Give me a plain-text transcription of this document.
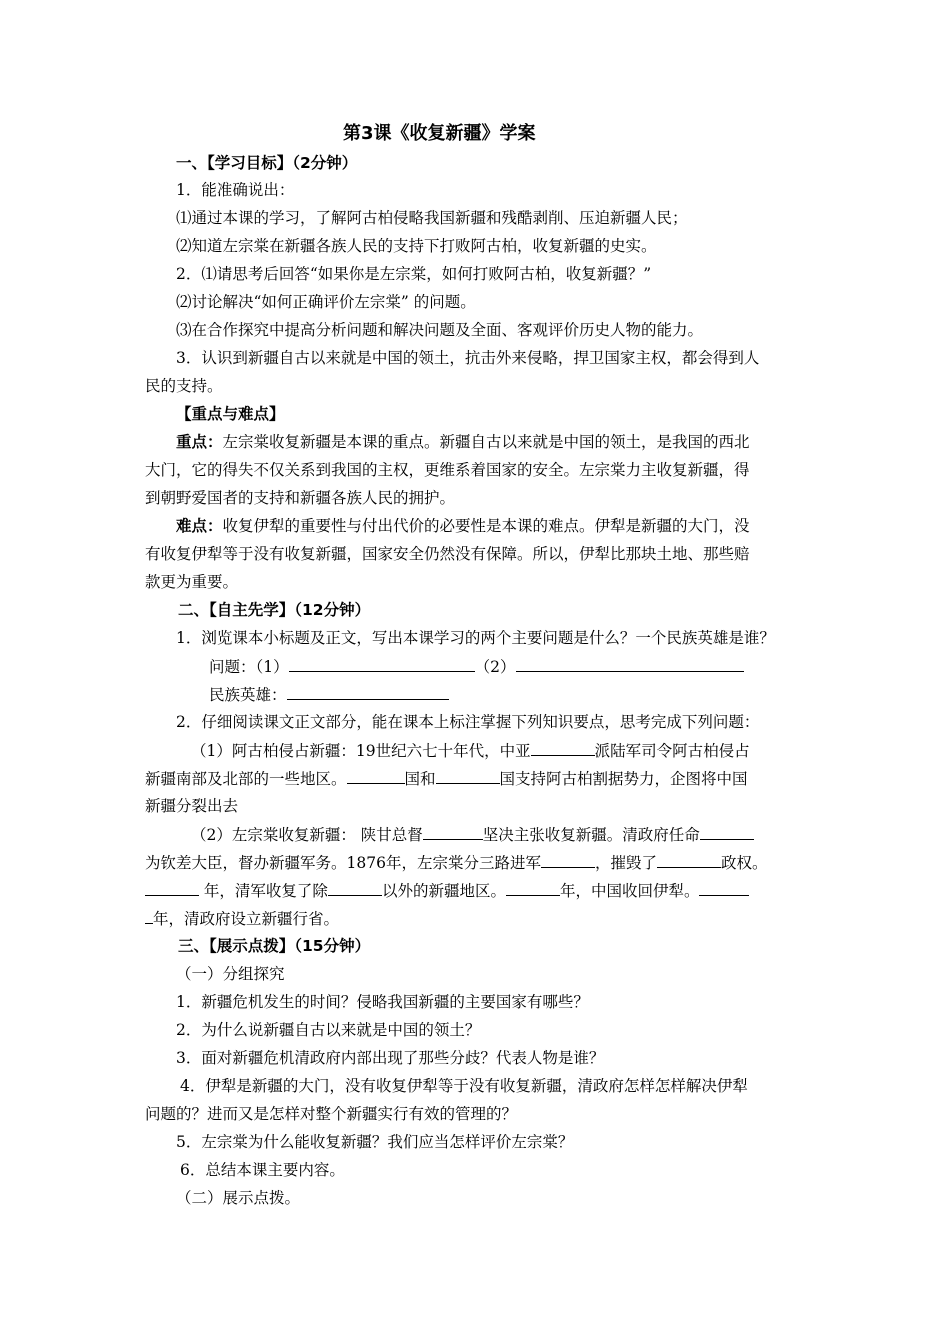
第3课《收复新疆》学案
一、【学习目标】（2分钟）
1．能准确说出：
⑴通过本课的学习，了解阿古柏侵略我国新疆和残酷剥削、压迫新疆人民；
⑵知道左宗棠在新疆各族人民的支持下打败阿古柏，收复新疆的史实。
2．⑴请思考后回答“如果你是左宗棠，如何打败阿古柏，收复新疆？”
⑵讨论解决“如何正确评价左宗棠” 的问题。
⑶在合作探究中提高分析问题和解决问题及全面、客观评价历史人物的能力。
3．认识到新疆自古以来就是中国的领土，抗击外来侵略，捍卫国家主权，都会得到人
民的支持。
【重点与难点】
重点：左宗棠收复新疆是本课的重点。新疆自古以来就是中国的领土，是我国的西北
大门，它的得失不仅关系到我国的主权，更维系着国家的安全。左宗棠力主收复新疆，得
到朝野爱国者的支持和新疆各族人民的拥护。
难点：收复伊犁的重要性与付出代价的必要性是本课的难点。伊犁是新疆的大门，没
有收复伊犁等于没有收复新疆，国家安全仍然没有保障。所以，伊犁比那块土地、那些赔
款更为重要。
二、【自主先学】（12分钟）
1．浏览课本小标题及正文，写出本课学习的两个主要问题是什么？一个民族英雄是谁？
问题：（1）	（2）
民族英雄：
2．仔细阅读课文正文部分，能在课本上标注掌握下列知识要点，思考完成下列问题：
（1）阿古柏侵占新疆：19世纪六七十年代，中亚	派陆军司令阿古柏侵占
新疆南部及北部的一些地区。	国和	国支持阿古柏割据势力，企图将中国
新疆分裂出去
（2）左宗棠收复新疆： 陕甘总督	坚决主张收复新疆。清政府任命
为钦差大臣，督办新疆军务。1876年，左宗棠分三路进军	，摧毁了	政权。
年，清军收复了除	以外的新疆地区。	年，中国收回伊犁。
年，清政府设立新疆行省。
三、【展示点拨】（15分钟）
（一）分组探究
1．新疆危机发生的时间？侵略我国新疆的主要国家有哪些？
2．为什么说新疆自古以来就是中国的领土？
3．面对新疆危机清政府内部出现了那些分歧？代表人物是谁？
4．伊犁是新疆的大门，没有收复伊犁等于没有收复新疆，清政府怎样怎样解决伊犁
问题的？进而又是怎样对整个新疆实行有效的管理的？
5．左宗棠为什么能收复新疆？我们应当怎样评价左宗棠？
6．总结本课主要内容。
（二）展示点拨。
